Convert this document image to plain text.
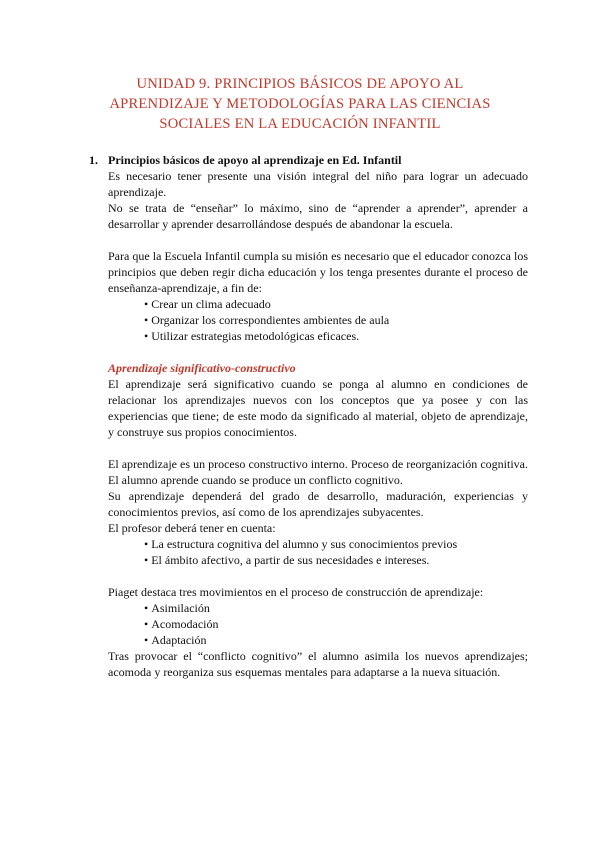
UNIDAD 9. PRINCIPIOS BÁSICOS DE APOYO AL
APRENDIZAJE Y METODOLOGÍAS PARA LAS CIENCIAS
SOCIALES EN LA EDUCACIÓN INFANTIL
1. Principios básicos de apoyo al aprendizaje en Ed. Infantil

Es necesario tener presente una visión integral del niño para lograr un adecuado aprendizaje.

No se trata de “enseñar” lo máximo, sino de “aprender a aprender”, aprender a desarrollar y aprender desarrollándose después de abandonar la escuela.

Para que la Escuela Infantil cumpla su misión es necesario que el educador conozca los principios que deben regir dicha educación y los tenga presentes durante el proceso de enseñanza-aprendizaje, a fin de:

• Crear un clima adecuado
• Organizar los correspondientes ambientes de aula
• Utilizar estrategias metodológicas eficaces.
Aprendizaje significativo-constructivo

El aprendizaje será significativo cuando se ponga al alumno en condiciones de relacionar los aprendizajes nuevos con los conceptos que ya posee y con las experiencias que tiene; de este modo da significado al material, objeto de aprendizaje, y construye sus propios conocimientos.

El aprendizaje es un proceso constructivo interno. Proceso de reorganización cognitiva. El alumno aprende cuando se produce un conflicto cognitivo.

Su aprendizaje dependerá del grado de desarrollo, maduración, experiencias y conocimientos previos, así como de los aprendizajes subyacentes.

El profesor deberá tener en cuenta:

• La estructura cognitiva del alumno y sus conocimientos previos
• El ámbito afectivo, a partir de sus necesidades e intereses.

Piaget destaca tres movimientos en el proceso de construcción de aprendizaje:

• Asimilación
• Acomodación
• Adaptación

Tras provocar el “conflicto cognitivo” el alumno asimila los nuevos aprendizajes; acomoda y reorganiza sus esquemas mentales para adaptarse a la nueva situación.
